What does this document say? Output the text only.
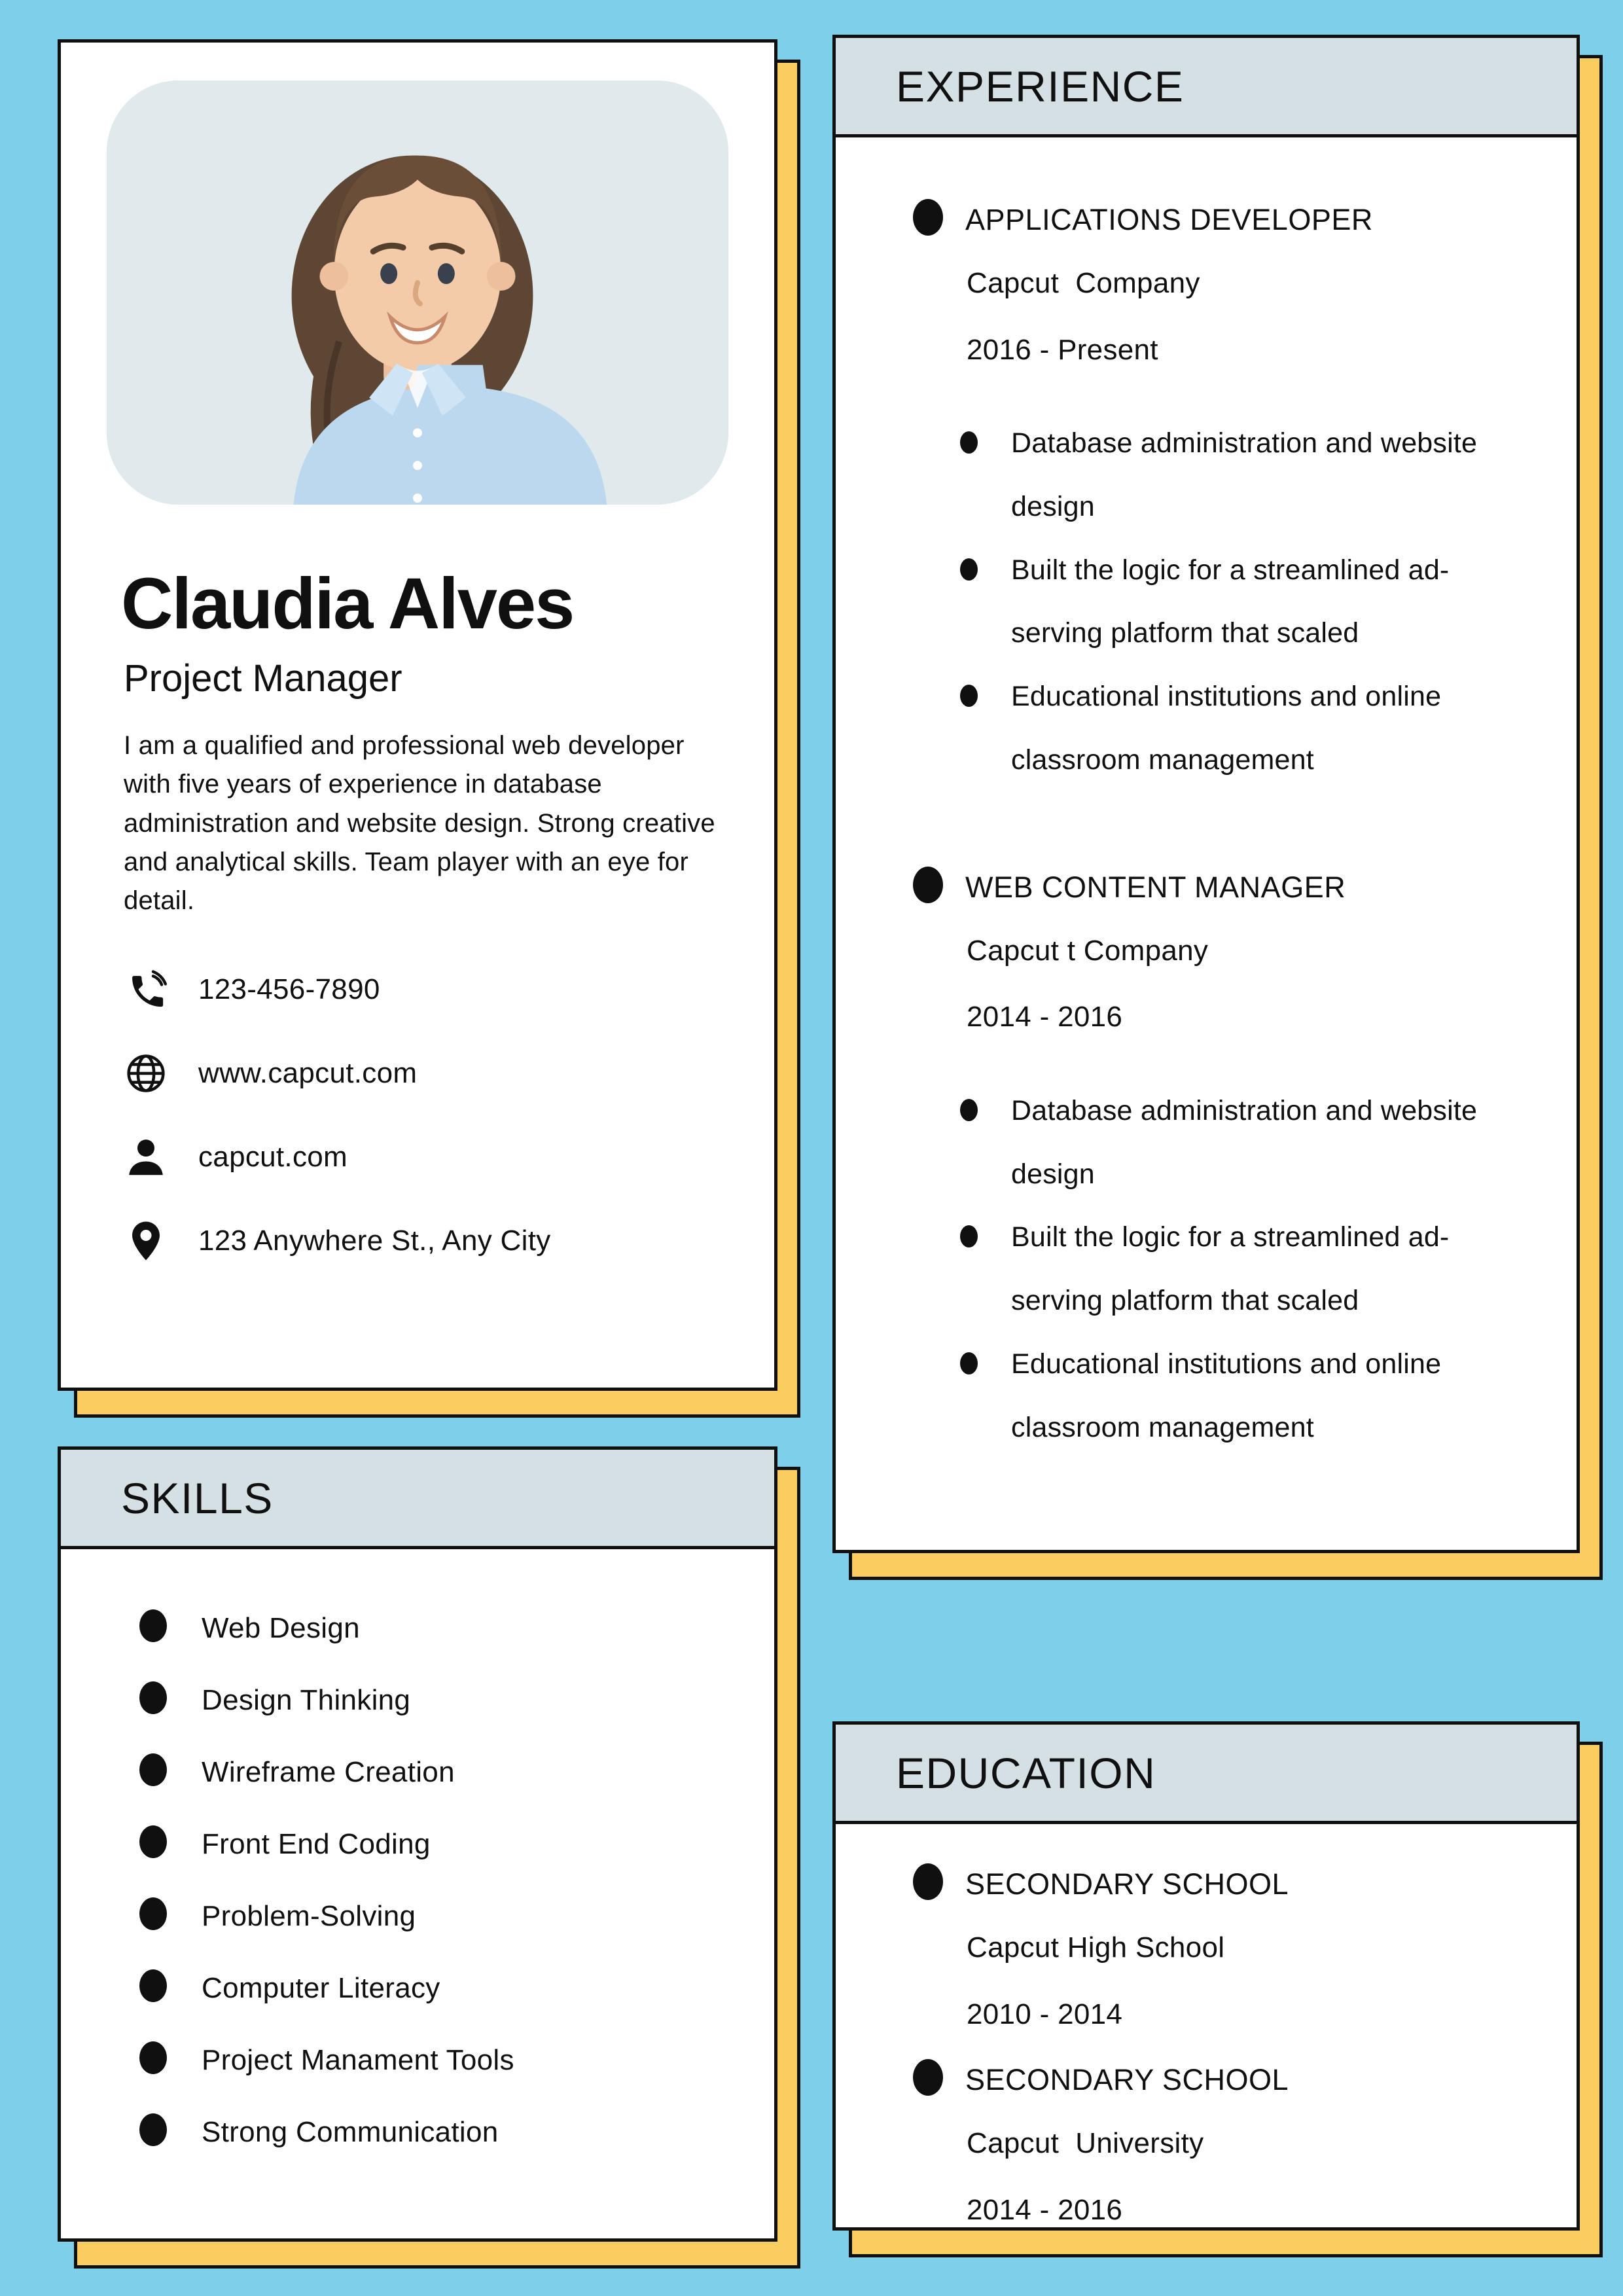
Claudia Alves
Project Manager

I am a qualified and professional web developer with five years of experience in database administration and website design. Strong creative and analytical skills. Team player with an eye for detail.

123-456-7890
www.capcut.com
capcut.com
123 Anywhere St., Any City
SKILLS
Web Design
Design Thinking
Wireframe Creation
Front End Coding
Problem-Solving
Computer Literacy
Project Manament Tools
Strong Communication
EXPERIENCE
APPLICATIONS DEVELOPER
Capcut  Company
2016 - Present
Database administration and website design
Built the logic for a streamlined ad-serving platform that scaled
Educational institutions and online classroom management
WEB CONTENT MANAGER
Capcut t Company
2014 - 2016
Database administration and website design
Built the logic for a streamlined ad-serving platform that scaled
Educational institutions and online classroom management
EDUCATION
SECONDARY SCHOOL
Capcut High School
2010 - 2014
SECONDARY SCHOOL
Capcut  University
2014 - 2016
